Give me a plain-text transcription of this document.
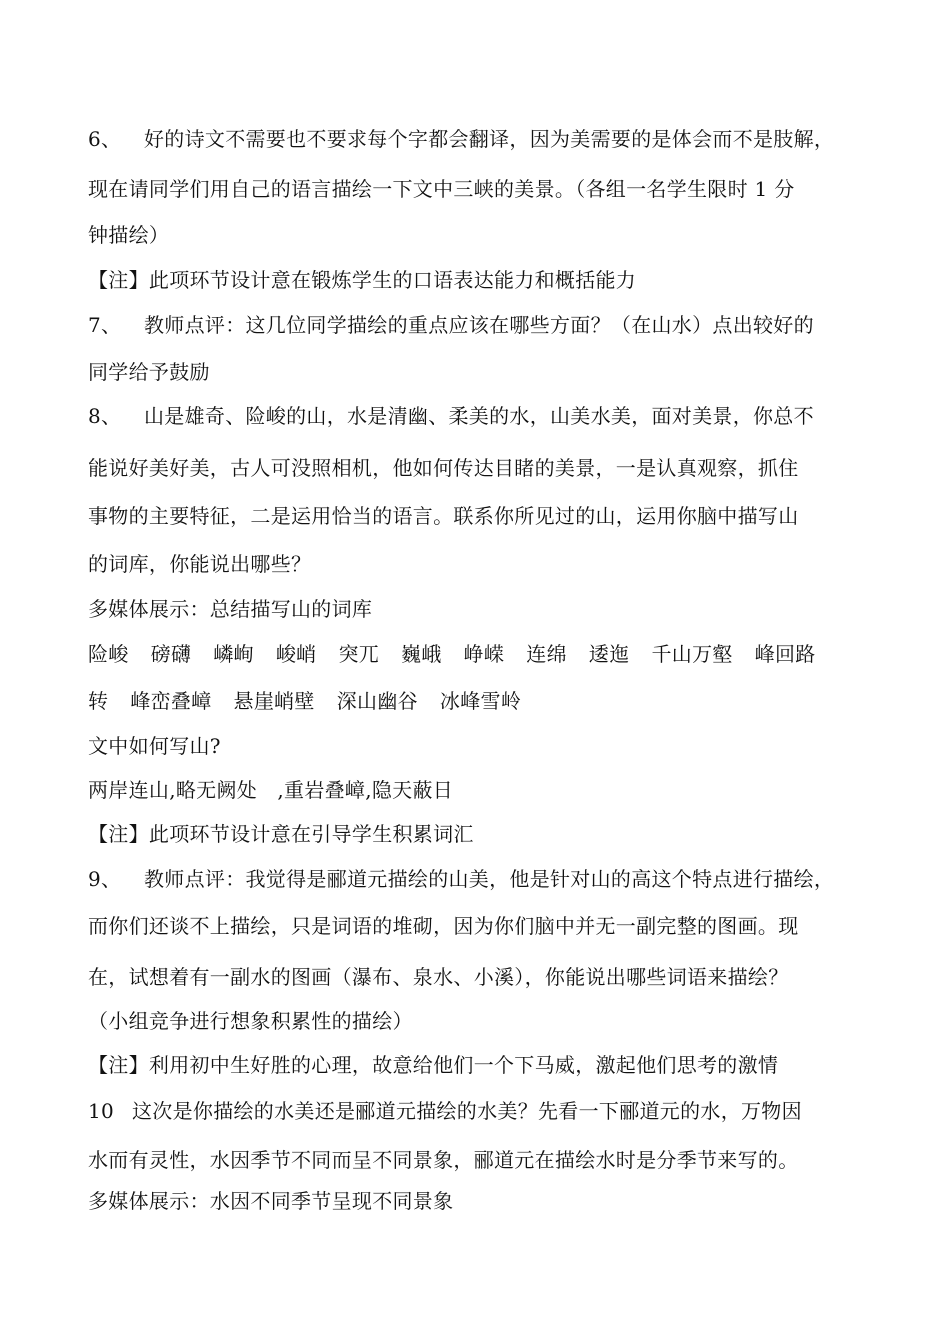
6、 好的诗文不需要也不要求每个字都会翻译，因为美需要的是体会而不是肢解，
现在请同学们用自己的语言描绘一下文中三峡的美景。（各组一名学生限时 1 分
钟描绘）
【注】此项环节设计意在锻炼学生的口语表达能力和概括能力
7、 教师点评：这几位同学描绘的重点应该在哪些方面？（在山水）点出较好的
同学给予鼓励
8、 山是雄奇、险峻的山，水是清幽、柔美的水，山美水美，面对美景，你总不
能说好美好美，古人可没照相机，他如何传达目睹的美景，一是认真观察，抓住
事物的主要特征，二是运用恰当的语言。联系你所见过的山，运用你脑中描写山
的词库，你能说出哪些？
多媒体展示：总结描写山的词库
险峻 磅礴 嶙峋 峻峭 突兀 巍峨 峥嵘 连绵 逶迤 千山万壑 峰回路
转 峰峦叠嶂 悬崖峭壁 深山幽谷 冰峰雪岭
文中如何写山?
两岸连山,略无阙处　,重岩叠嶂,隐天蔽日
【注】此项环节设计意在引导学生积累词汇
9、 教师点评：我觉得是郦道元描绘的山美，他是针对山的高这个特点进行描绘，
而你们还谈不上描绘，只是词语的堆砌，因为你们脑中并无一副完整的图画。现
在，试想着有一副水的图画（瀑布、泉水、小溪），你能说出哪些词语来描绘？
（小组竞争进行想象积累性的描绘）
【注】利用初中生好胜的心理，故意给他们一个下马威，激起他们思考的激情
10 这次是你描绘的水美还是郦道元描绘的水美？先看一下郦道元的水，万物因
水而有灵性，水因季节不同而呈不同景象，郦道元在描绘水时是分季节来写的。
多媒体展示：水因不同季节呈现不同景象
